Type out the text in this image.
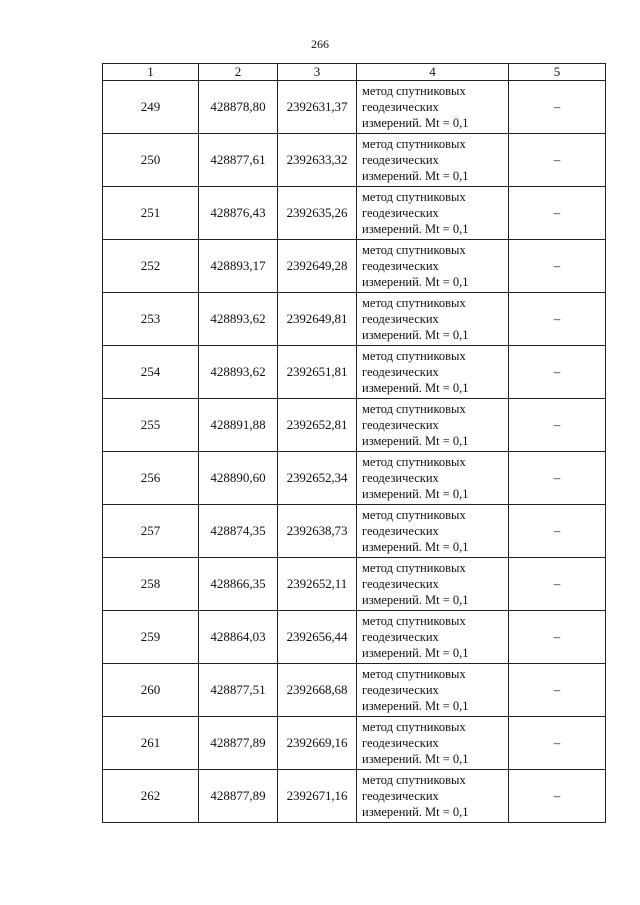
266
1	2	3	4	5
249	428878,80	2392631,37	метод спутниковых
геодезических
измерений. Mt = 0,1	–
250	428877,61	2392633,32	метод спутниковых
геодезических
измерений. Mt = 0,1	–
251	428876,43	2392635,26	метод спутниковых
геодезических
измерений. Mt = 0,1	–
252	428893,17	2392649,28	метод спутниковых
геодезических
измерений. Mt = 0,1	–
253	428893,62	2392649,81	метод спутниковых
геодезических
измерений. Mt = 0,1	–
254	428893,62	2392651,81	метод спутниковых
геодезических
измерений. Mt = 0,1	–
255	428891,88	2392652,81	метод спутниковых
геодезических
измерений. Mt = 0,1	–
256	428890,60	2392652,34	метод спутниковых
геодезических
измерений. Mt = 0,1	–
257	428874,35	2392638,73	метод спутниковых
геодезических
измерений. Mt = 0,1	–
258	428866,35	2392652,11	метод спутниковых
геодезических
измерений. Mt = 0,1	–
259	428864,03	2392656,44	метод спутниковых
геодезических
измерений. Mt = 0,1	–
260	428877,51	2392668,68	метод спутниковых
геодезических
измерений. Mt = 0,1	–
261	428877,89	2392669,16	метод спутниковых
геодезических
измерений. Mt = 0,1	–
262	428877,89	2392671,16	метод спутниковых
геодезических
измерений. Mt = 0,1	–
